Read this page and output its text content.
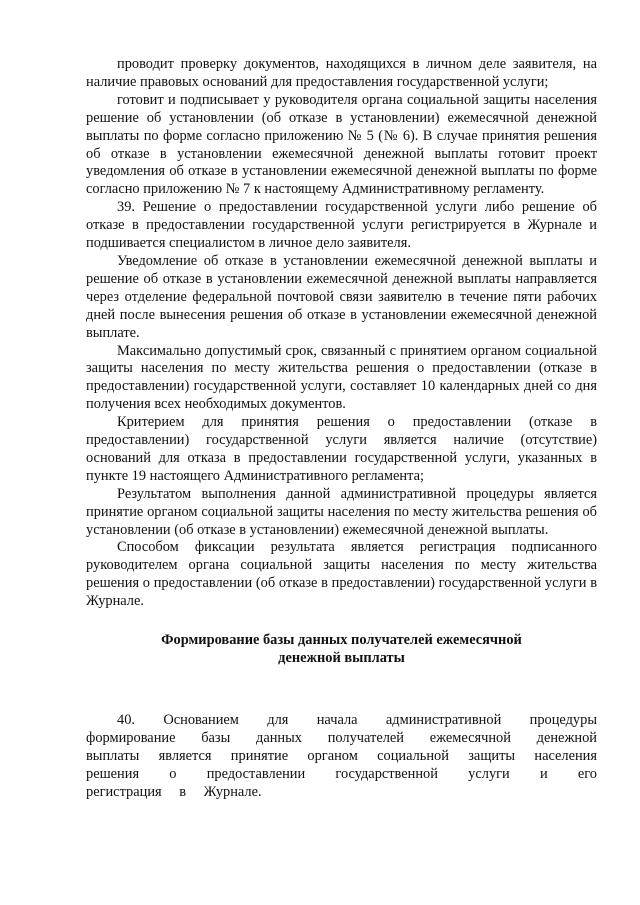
проводит проверку документов, находящихся в личном деле заявителя, на наличие правовых оснований для предоставления государственной услуги;

готовит и подписывает у руководителя органа социальной защиты населения решение об установлении (об отказе в установлении) ежемесячной денежной выплаты по форме согласно приложению № 5 (№ 6). В случае принятия решения об отказе в установлении ежемесячной денежной выплаты готовит проект уведомления об отказе в установлении ежемесячной денежной выплаты по форме согласно приложению № 7 к настоящему Административному регламенту.

39. Решение о предоставлении государственной услуги либо решение об отказе в предоставлении государственной услуги регистрируется в Журнале и подшивается специалистом в личное дело заявителя.

Уведомление об отказе в установлении ежемесячной денежной выплаты и решение об отказе в установлении ежемесячной денежной выплаты направляется через отделение федеральной почтовой связи заявителю в течение пяти рабочих дней после вынесения решения об отказе в установлении ежемесячной денежной выплате.

Максимально допустимый срок, связанный с принятием органом социальной защиты населения по месту жительства решения о предоставлении (отказе в предоставлении) государственной услуги, составляет 10 календарных дней со дня получения всех необходимых документов.

Критерием для принятия решения о предоставлении (отказе в предоставлении) государственной услуги является наличие (отсутствие) оснований для отказа в предоставлении государственной услуги, указанных в пункте 19 настоящего Административного регламента;

Результатом выполнения данной административной процедуры является принятие органом социальной защиты населения по месту жительства решения об установлении (об отказе в установлении) ежемесячной денежной выплаты.

Способом фиксации результата является регистрация подписанного руководителем органа социальной защиты населения по месту жительства решения о предоставлении (об отказе в предоставлении) государственной услуги в Журнале.

Формирование базы данных получателей ежемесячной
денежной выплаты

40. Основанием для начала административной процедуры формирование базы данных получателей ежемесячной денежной выплаты является принятие органом социальной защиты населения решения о предоставлении государственной услуги и его регистрация в Журнале.
